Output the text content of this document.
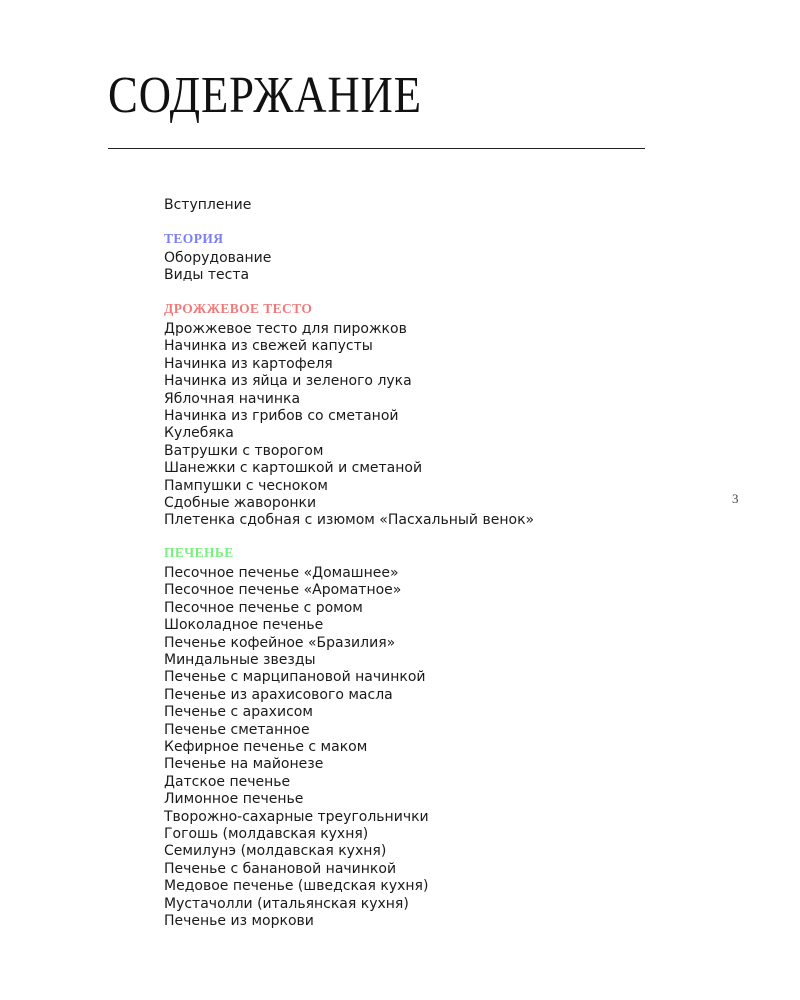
СОДЕРЖАНИЕ
Вступление
ТЕОРИЯ
Оборудование
Виды теста
ДРОЖЖЕВОЕ ТЕСТО
Дрожжевое тесто для пирожков
Начинка из свежей капусты
Начинка из картофеля
Начинка из яйца и зеленого лука
Яблочная начинка
Начинка из грибов со сметаной
Кулебяка
Ватрушки с творогом
Шанежки с картошкой и сметаной
Пампушки с чесноком
Сдобные жаворонки
Плетенка сдобная с изюмом «Пасхальный венок»
ПЕЧЕНЬЕ
Песочное печенье «Домашнее»
Песочное печенье «Ароматное»
Песочное печенье с ромом
Шоколадное печенье
Печенье кофейное «Бразилия»
Миндальные звезды
Печенье с марципановой начинкой
Печенье из арахисового масла
Печенье с арахисом
Печенье сметанное
Кефирное печенье с маком
Печенье на майонезе
Датское печенье
Лимонное печенье
Творожно-сахарные треугольнички
Гогошь (молдавская кухня)
Семилунэ (молдавская кухня)
Печенье с банановой начинкой
Медовое печенье (шведская кухня)
Мустачолли (итальянская кухня)
Печенье из моркови
3
